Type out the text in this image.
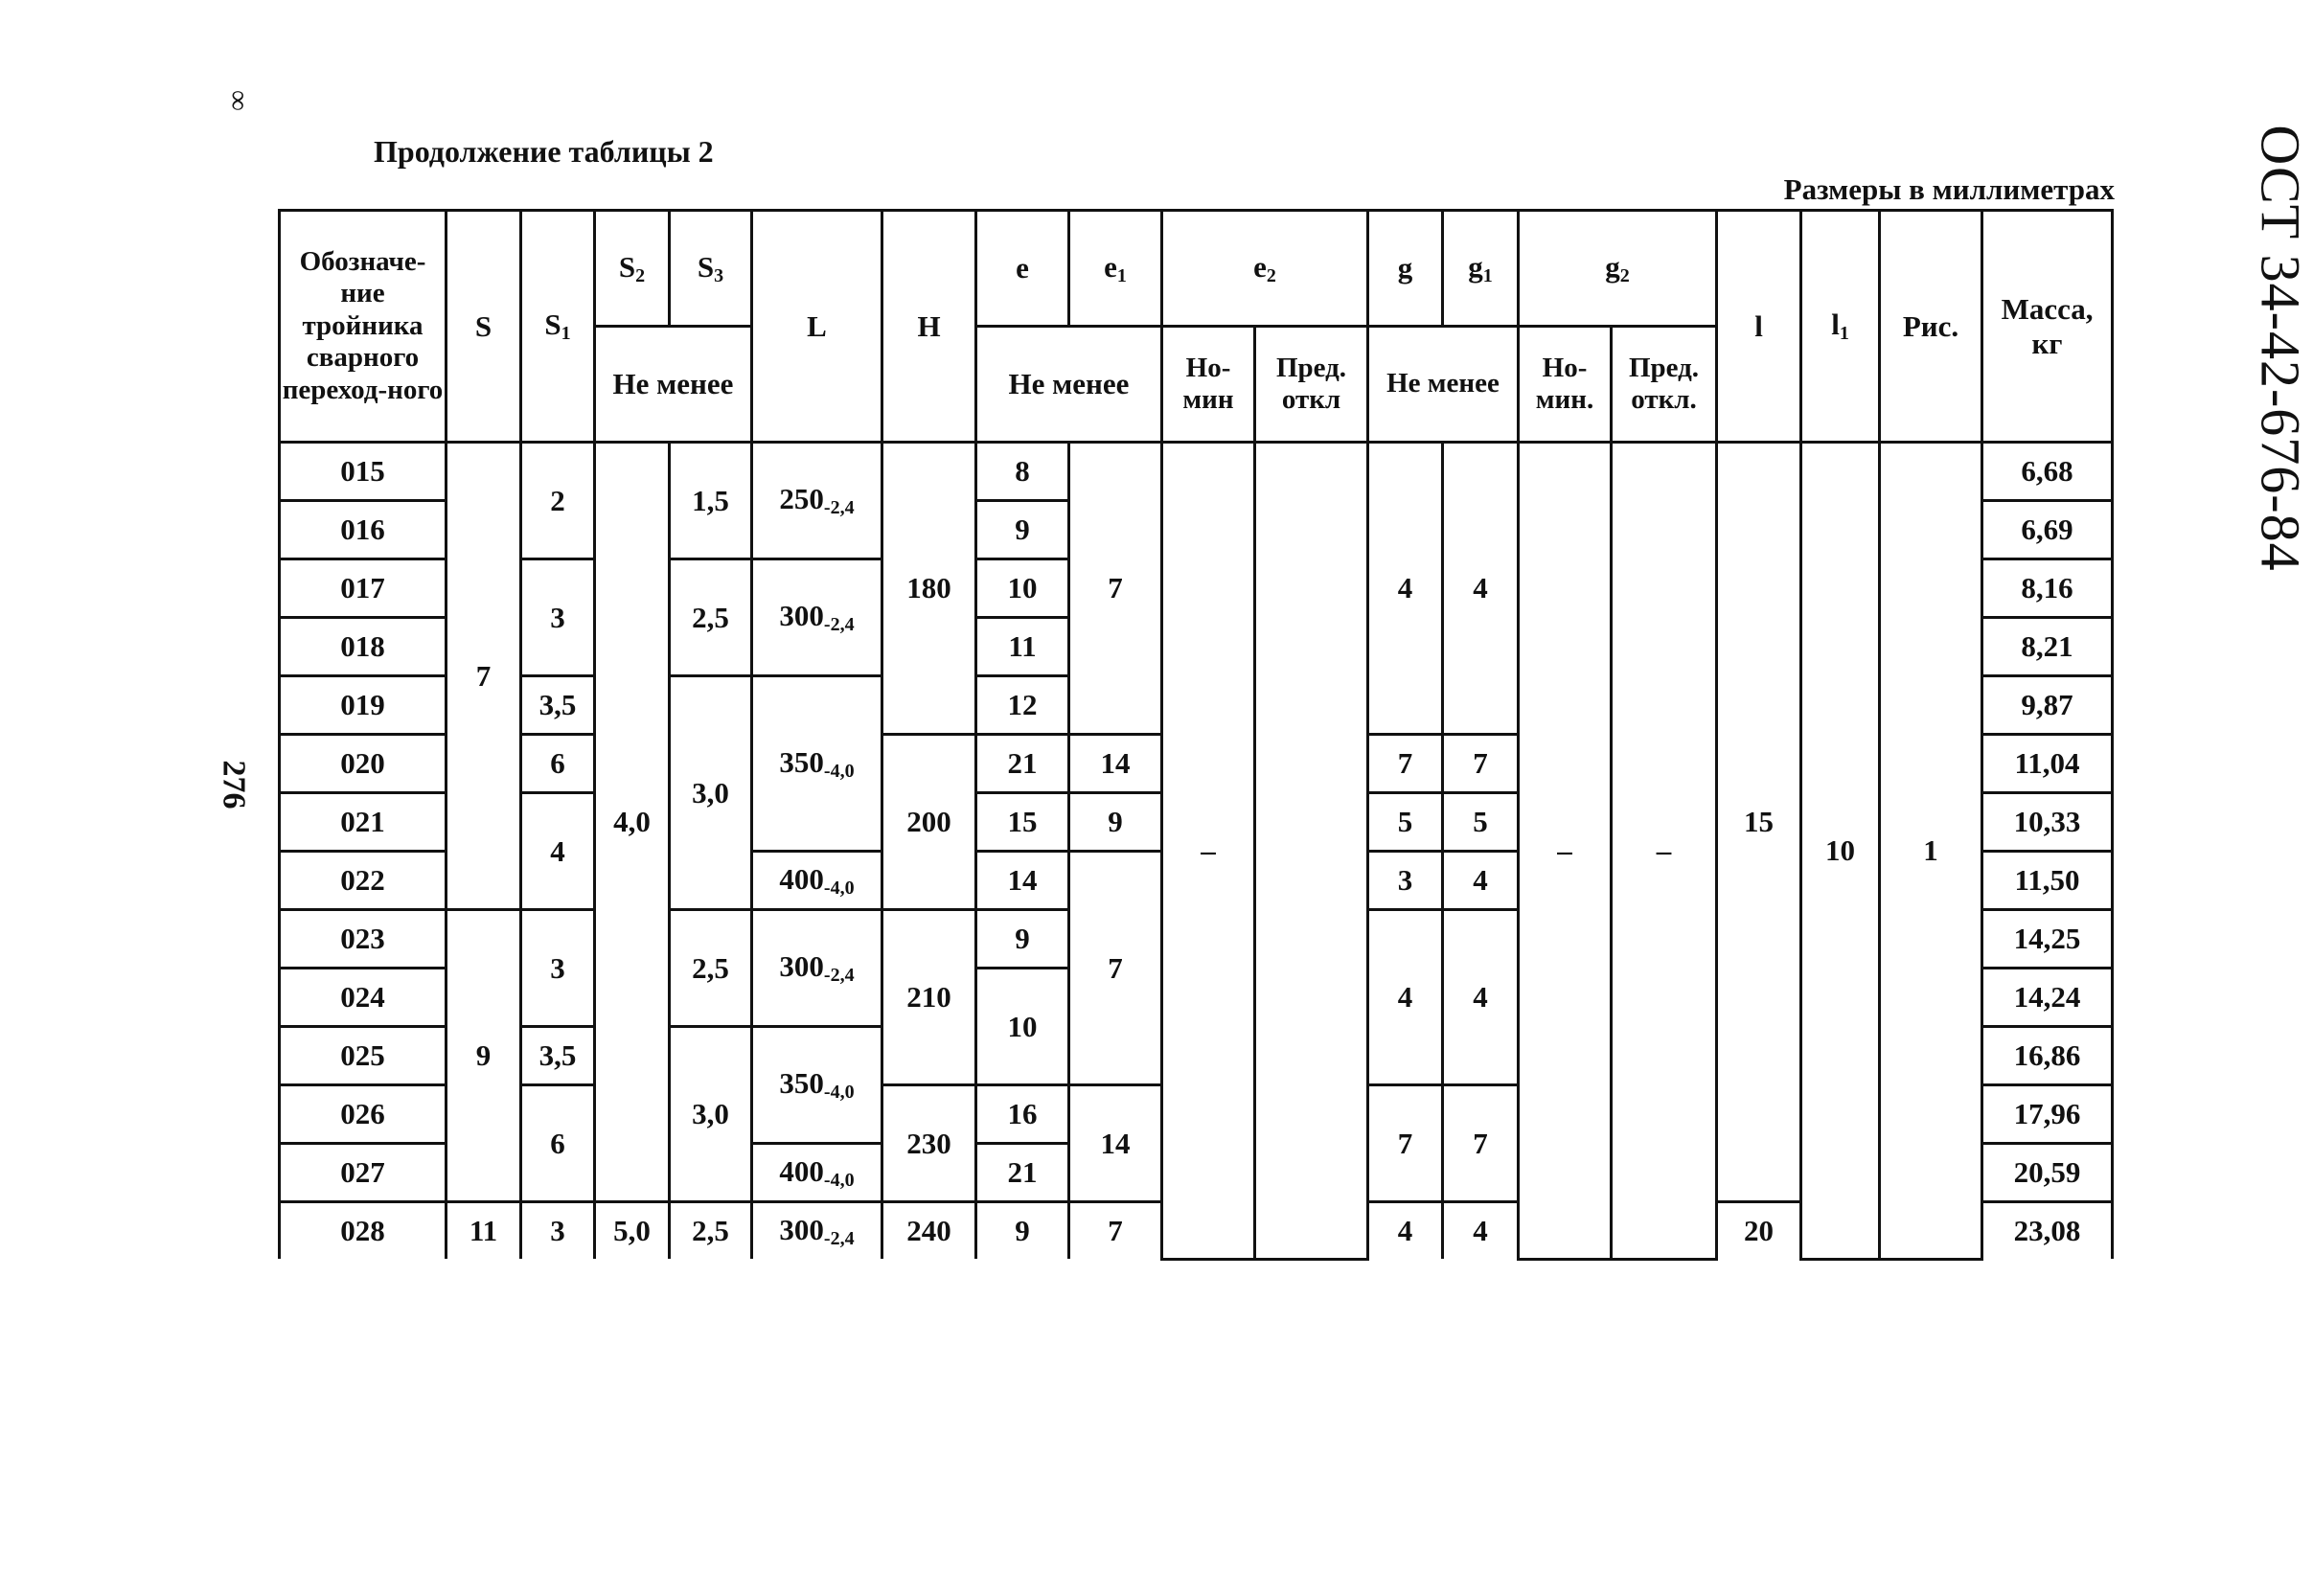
∞
276
ОСТ 34-42-676-84
Продолжение таблицы 2
Размеры в миллиметрах
Обозначе-ние тройника сварного переход-ного	S	$S_1$	$S_2$	$S_3$	L	H	e	$e_1$	$e_2$		g	$g_1$	$g_2$		l	$l_1$	Рис.	Масса, кг
			Не менее				Не менее		Но-мин	Пред. откл	Не менее		Но-мин.	Пред. откл.				
015	7	2	4,0	1,5	$250_{-2,4}$	180	8	7	–		4	4	–	–	15	10	1	6,68
016							9											6,69
017		3		2,5	$300_{-2,4}$		10											8,16
018							11											8,21
019		3,5		3,0	$350_{-4,0}$		12											9,87
020		6				200	21	14			7	7						11,04
021		4					15	9			5	5						10,33
022					$400_{-4,0}$		14	7			3	4						11,50
023	9	3		2,5	$300_{-2,4}$	210	9				4	4						14,25
024							10											14,24
025		3,5		3,0	$350_{-4,0}$													16,86
026		6				230	16	14			7	7						17,96
027					$400_{-4,0}$		21											20,59
028	11	3	5,0	2,5	$300_{-2,4}$	240	9	7			4	4			20			23,08
